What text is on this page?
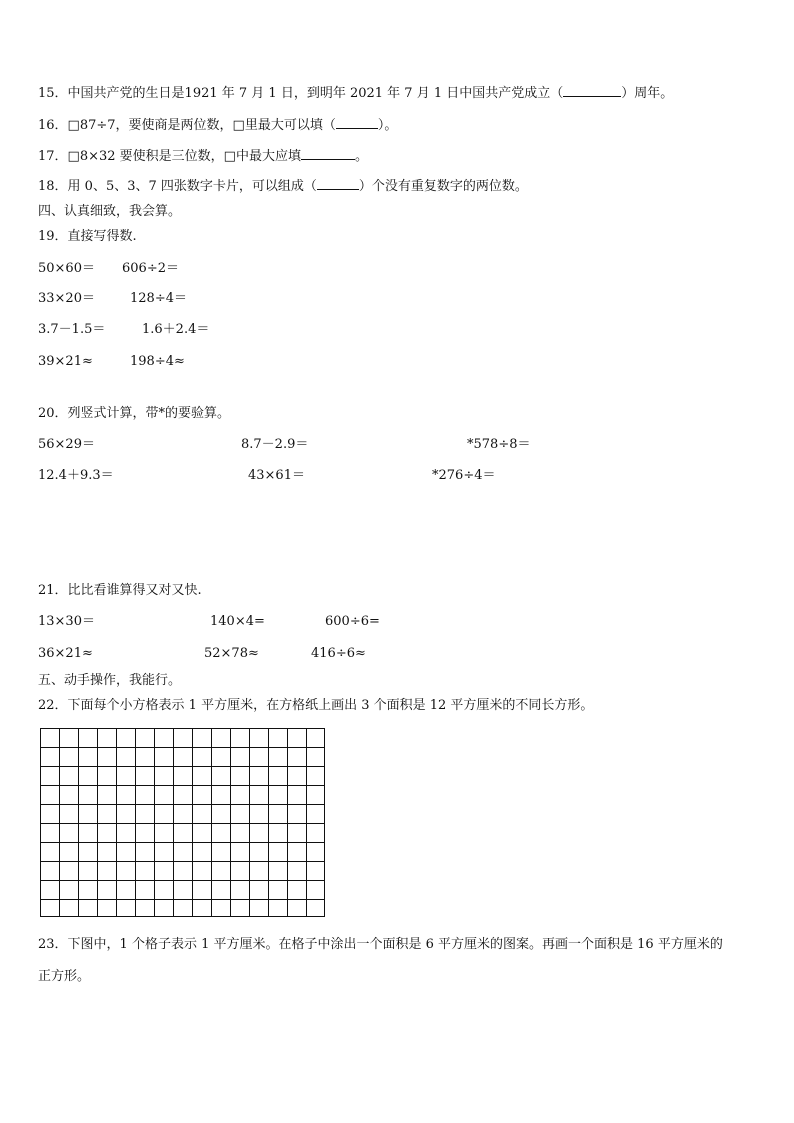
15．中国共产党的生日是1921 年 7 月 1 日，到明年 2021 年 7 月 1 日中国共产党成立（	）周年。
16．□87÷7，要使商是两位数，□里最大可以填（	）。
17．□8×32 要使积是三位数，□中最大应填	。
18．用 0、5、3、7 四张数字卡片，可以组成（	）个没有重复数字的两位数。
四、认真细致，我会算。
19．直接写得数.
50×60＝ 606÷2＝
33×20＝	128÷4＝
3.7－1.5＝	1.6＋2.4＝
39×21≈	198÷4≈
20．列竖式计算，带*的要验算。
56×29＝	8.7－2.9＝	*578÷8＝
12.4＋9.3＝	43×61＝	*276÷4＝
21．比比看谁算得又对又快.
13×30＝	140×4=	600÷6=
36×21≈	52×78≈	416÷6≈
五、动手操作，我能行。
22．下面每个小方格表示 1 平方厘米，在方格纸上画出 3 个面积是 12 平方厘米的不同长方形。
23．下图中，1 个格子表示 1 平方厘米。在格子中涂出一个面积是 6 平方厘米的图案。再画一个面积是 16 平方厘米的
正方形。
